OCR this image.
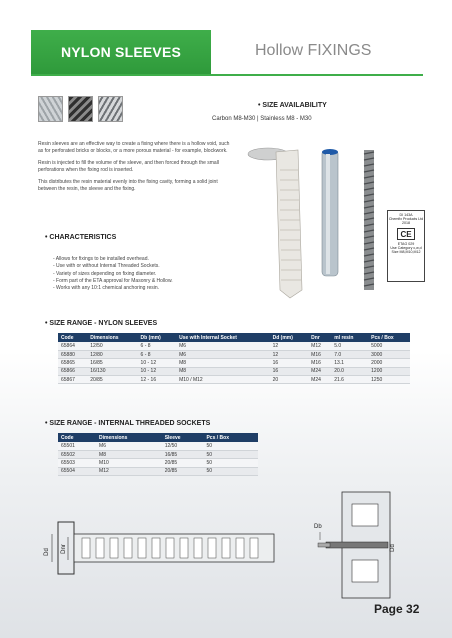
NYLON SLEEVES	Hollow FIXINGS
• SIZE AVAILABILITY
Carbon M8-M30 | Stainless M8 - M30

Resin sleeves are an effective way to create a fixing where there is a hollow void, such as for perforated bricks or blocks, or a more porous material - for example, blockwork.

Resin is injected to fill the volume of the sleeve, and then forced through the small perforations when the fixing rod is inserted.

This distributes the resin material evenly into the fixing cavity, forming a solid joint between the resin, the sleeve and the fixing.

DI 143A
Chemfix Products Ltd
2018
CE
ETAG 029
Use Category c,w,d
Size M8,M10,M12
• CHARACTERISTICS
- Allows for fixings to be installed overhead.
- Use with or without Internal Threaded Sockets.
- Variety of sizes depending on fixing diameter.
- Form part of the ETA approval for Masonry & Hollow.
- Works with any 10:1 chemical anchoring resin.
• SIZE RANGE - NYLON SLEEVES
Code	Dimensions	Db (mm)	Use with Internal Socket	Dd (mm)	Dnr	ml resin	Pcs / Box
65864	12/50	6 - 8	M6	12	M12	5.0	5000
65880	12/80	6 - 8	M6	12	M16	7.0	3000
65865	16/85	10 - 12	M8	16	M16	13.1	2000
65866	16/130	10 - 12	M8	16	M24	20.0	1200
65867	20/85	12 - 16	M10 / M12	20	M24	21.6	1250
• SIZE RANGE - INTERNAL THREADED SOCKETS
Code	Dimensions	Sleeve	Pcs / Box
65501	M6	12/50	50
65502	M8	16/85	50
65503	M10	20/85	50
65504	M12	20/85	50
Dd Dnr
Db
Dd
Page 32
